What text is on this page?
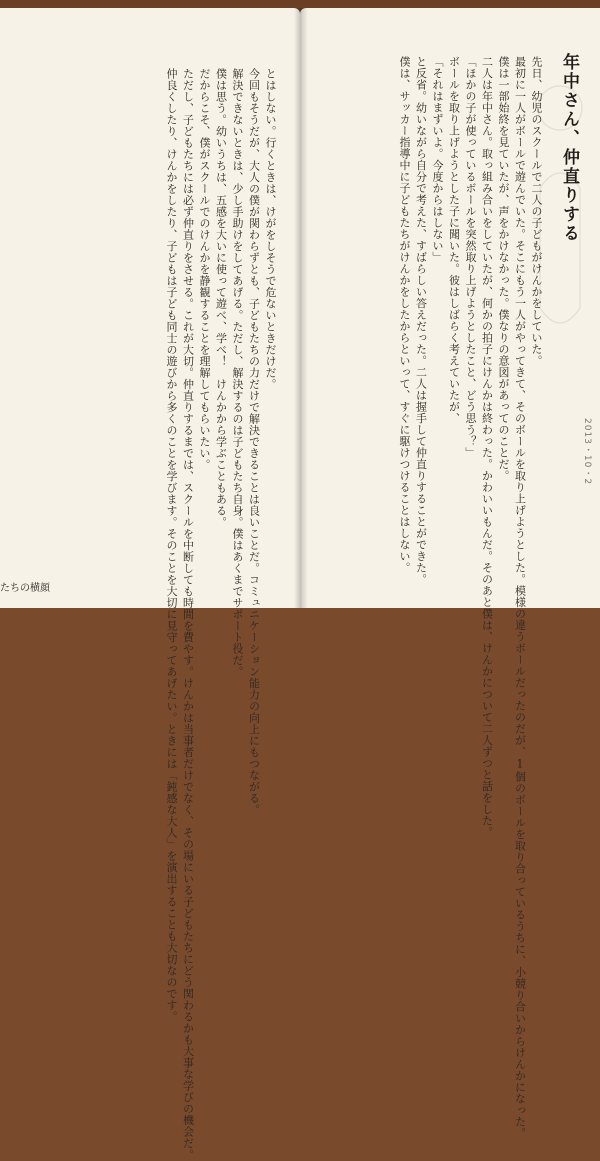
とはしない。行くときは、けがをしそうで危ないときだけだ。

今回もそうだが、大人の僕が関わらずとも、子どもたちの力だけで解決できることは良いことだ。コミュニケーション能力の向上にもつながる。

解決できないときは、少し手助けをしてあげる。ただし、解決するのは子どもたち自身。僕はあくまでサポート役だ。

僕は思う。幼いうちは、五感を大いに使って遊べ、学べ！　けんかから学ぶこともある。

だからこそ、僕がスクールでのけんかを静観することを理解してもらいたい。

ただし、子どもたちには必ず仲直りをさせる。これが大切。仲直りするまでは、スクールを中断しても時間を費やす。けんかは当事者だけでなく、その場にいる子どもたちにどう関わるかも大事な学びの機会だ。

仲良くしたり、けんかをしたり、子どもは子ども同士の遊びから多くのことを学びます。そのことを大切に見守ってあげたい。ときには「鈍感な大人」を演出することも大切なのです。

たちの横顔
年中さん、仲直りする
2013・10・2

先日、幼児のスクールで二人の子どもがけんかをしていた。

最初に一人がボールで遊んでいた。そこにもう一人がやってきて、そのボールを取り上げようとした。模様の違うボールだったのだが、1個のボールを取り合っているうちに、小競り合いからけんかになった。

僕は一部始終を見ていたが、声をかけなかった。僕なりの意図があってのことだ。

二人は年中さん。取っ組み合いをしていたが、何かの拍子にけんかは終わった。かわいいもんだ。そのあと僕は、けんかについて二人ずつと話をした。

「ほかの子が使っているボールを突然取り上げようとしたこと、どう思う？」

ボールを取り上げようとした子に聞いた。彼はしばらく考えていたが、

「それはまずいよ。今度からはしない」

と反省。幼いながら自分で考えた、すばらしい答えだった。二人は握手して仲直りすることができた。

僕は、サッカー指導中に子どもたちがけんかをしたからといって、すぐに駆けつけることはしない。
